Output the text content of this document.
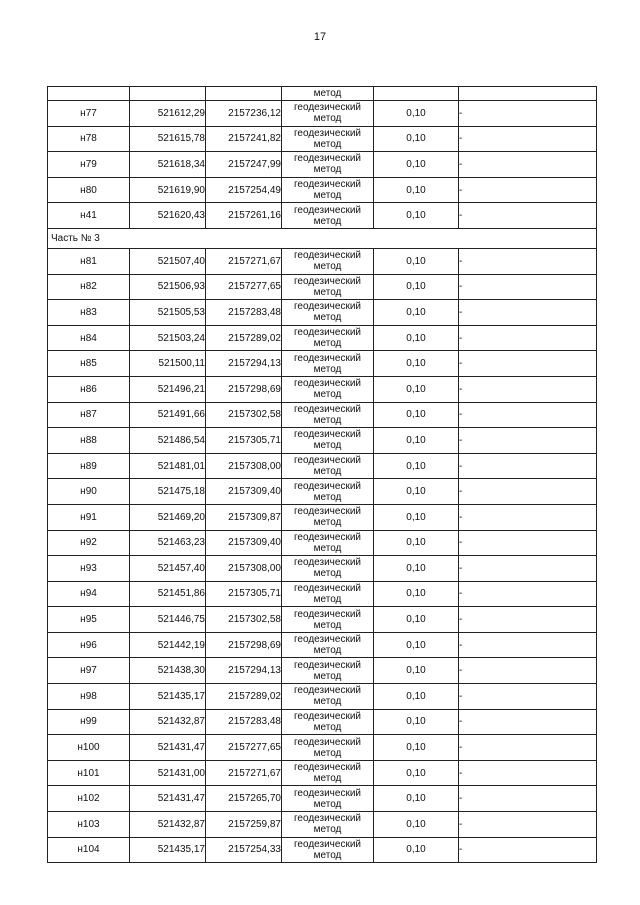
17
			метод		
н77	521612,29	2157236,12	геодезический метод	0,10	-
н78	521615,78	2157241,82	геодезический метод	0,10	-
н79	521618,34	2157247,99	геодезический метод	0,10	-
н80	521619,90	2157254,49	геодезический метод	0,10	-
н41	521620,43	2157261,16	геодезический метод	0,10	-
Часть № 3					
н81	521507,40	2157271,67	геодезический метод	0,10	-
н82	521506,93	2157277,65	геодезический метод	0,10	-
н83	521505,53	2157283,48	геодезический метод	0,10	-
н84	521503,24	2157289,02	геодезический метод	0,10	-
н85	521500,11	2157294,13	геодезический метод	0,10	-
н86	521496,21	2157298,69	геодезический метод	0,10	-
н87	521491,66	2157302,58	геодезический метод	0,10	-
н88	521486,54	2157305,71	геодезический метод	0,10	-
н89	521481,01	2157308,00	геодезический метод	0,10	-
н90	521475,18	2157309,40	геодезический метод	0,10	-
н91	521469,20	2157309,87	геодезический метод	0,10	-
н92	521463,23	2157309,40	геодезический метод	0,10	-
н93	521457,40	2157308,00	геодезический метод	0,10	-
н94	521451,86	2157305,71	геодезический метод	0,10	-
н95	521446,75	2157302,58	геодезический метод	0,10	-
н96	521442,19	2157298,69	геодезический метод	0,10	-
н97	521438,30	2157294,13	геодезический метод	0,10	-
н98	521435,17	2157289,02	геодезический метод	0,10	-
н99	521432,87	2157283,48	геодезический метод	0,10	-
н100	521431,47	2157277,65	геодезический метод	0,10	-
н101	521431,00	2157271,67	геодезический метод	0,10	-
н102	521431,47	2157265,70	геодезический метод	0,10	-
н103	521432,87	2157259,87	геодезический метод	0,10	-
н104	521435,17	2157254,33	геодезический метод	0,10	-
